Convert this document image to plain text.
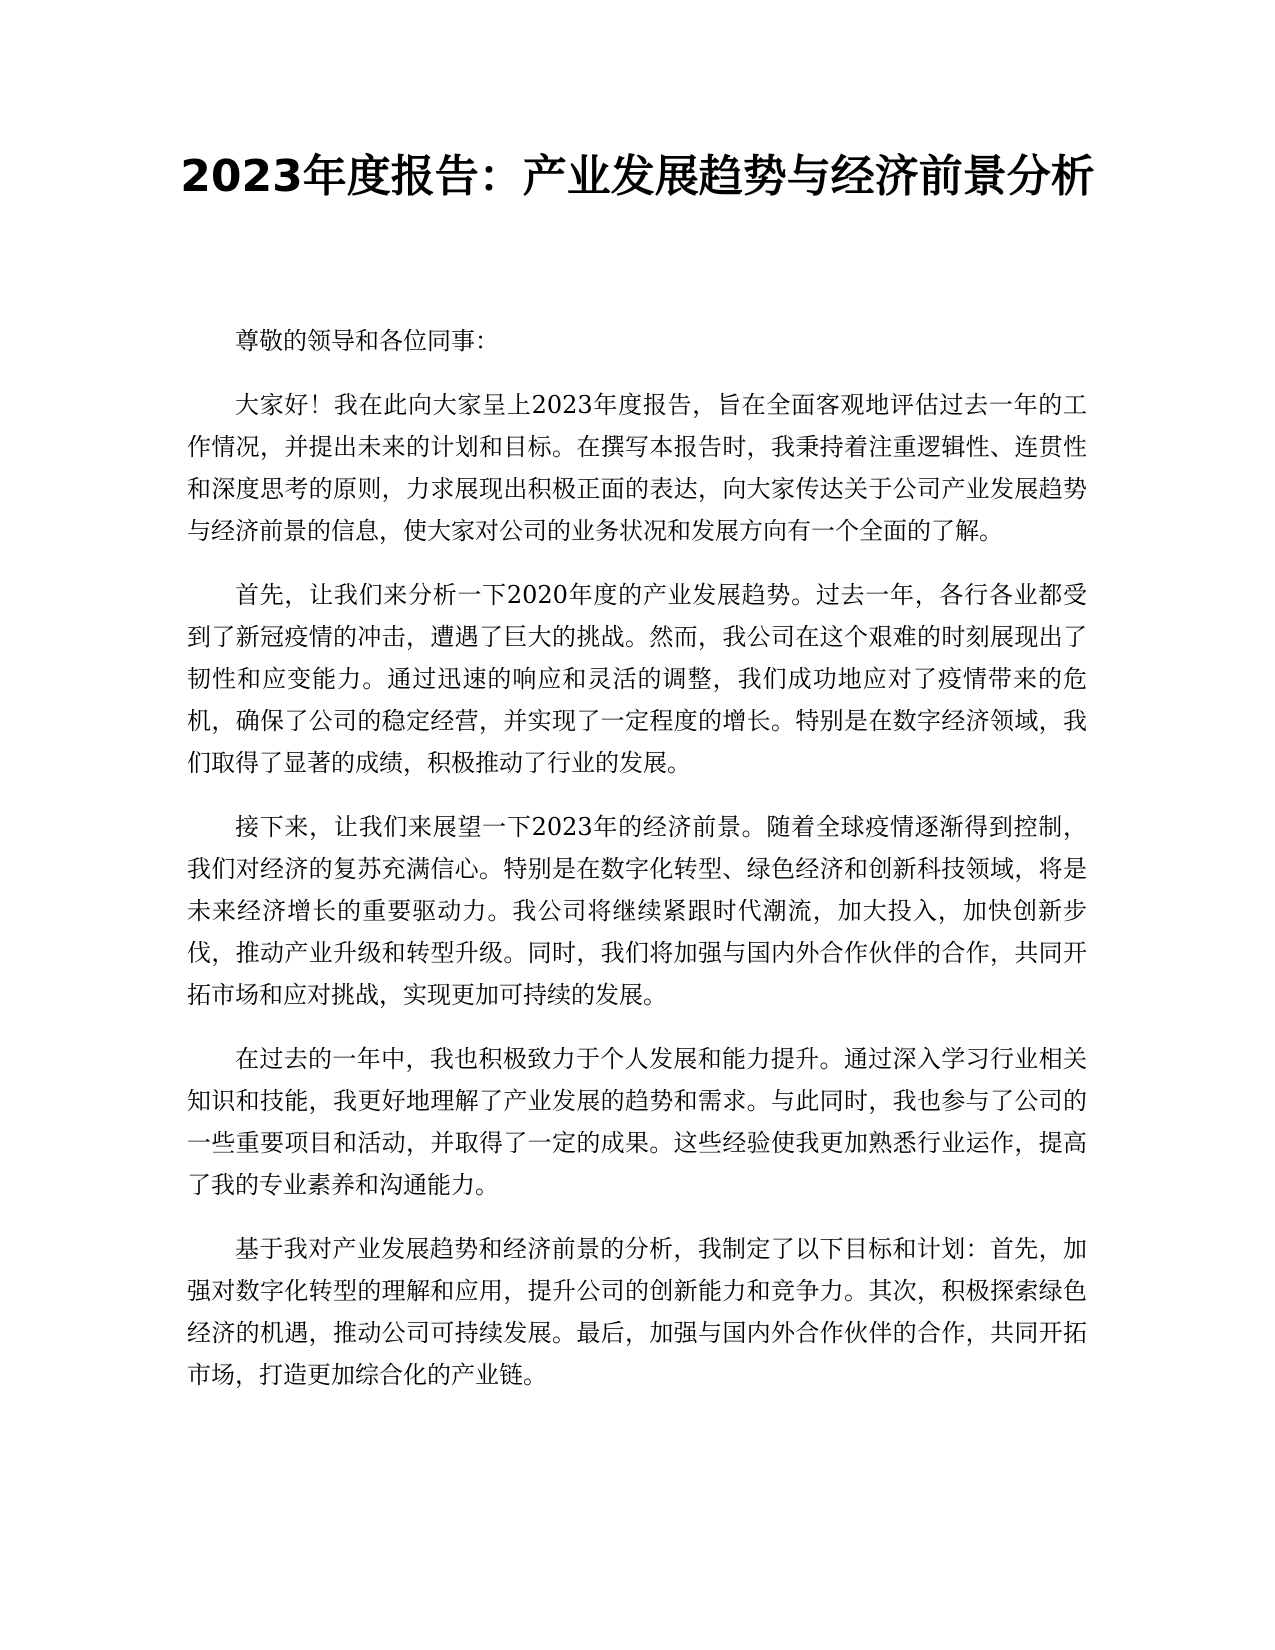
2023年度报告：产业发展趋势与经济前景分析

尊敬的领导和各位同事：

大家好！我在此向大家呈上2023年度报告，旨在全面客观地评估过去一年的工作情况，并提出未来的计划和目标。在撰写本报告时，我秉持着注重逻辑性、连贯性和深度思考的原则，力求展现出积极正面的表达，向大家传达关于公司产业发展趋势与经济前景的信息，使大家对公司的业务状况和发展方向有一个全面的了解。

首先，让我们来分析一下2020年度的产业发展趋势。过去一年，各行各业都受到了新冠疫情的冲击，遭遇了巨大的挑战。然而，我公司在这个艰难的时刻展现出了韧性和应变能力。通过迅速的响应和灵活的调整，我们成功地应对了疫情带来的危机，确保了公司的稳定经营，并实现了一定程度的增长。特别是在数字经济领域，我们取得了显著的成绩，积极推动了行业的发展。

接下来，让我们来展望一下2023年的经济前景。随着全球疫情逐渐得到控制，我们对经济的复苏充满信心。特别是在数字化转型、绿色经济和创新科技领域，将是未来经济增长的重要驱动力。我公司将继续紧跟时代潮流，加大投入，加快创新步伐，推动产业升级和转型升级。同时，我们将加强与国内外合作伙伴的合作，共同开拓市场和应对挑战，实现更加可持续的发展。

在过去的一年中，我也积极致力于个人发展和能力提升。通过深入学习行业相关知识和技能，我更好地理解了产业发展的趋势和需求。与此同时，我也参与了公司的一些重要项目和活动，并取得了一定的成果。这些经验使我更加熟悉行业运作，提高了我的专业素养和沟通能力。

基于我对产业发展趋势和经济前景的分析，我制定了以下目标和计划：首先，加强对数字化转型的理解和应用，提升公司的创新能力和竞争力。其次，积极探索绿色经济的机遇，推动公司可持续发展。最后，加强与国内外合作伙伴的合作，共同开拓市场，打造更加综合化的产业链。
